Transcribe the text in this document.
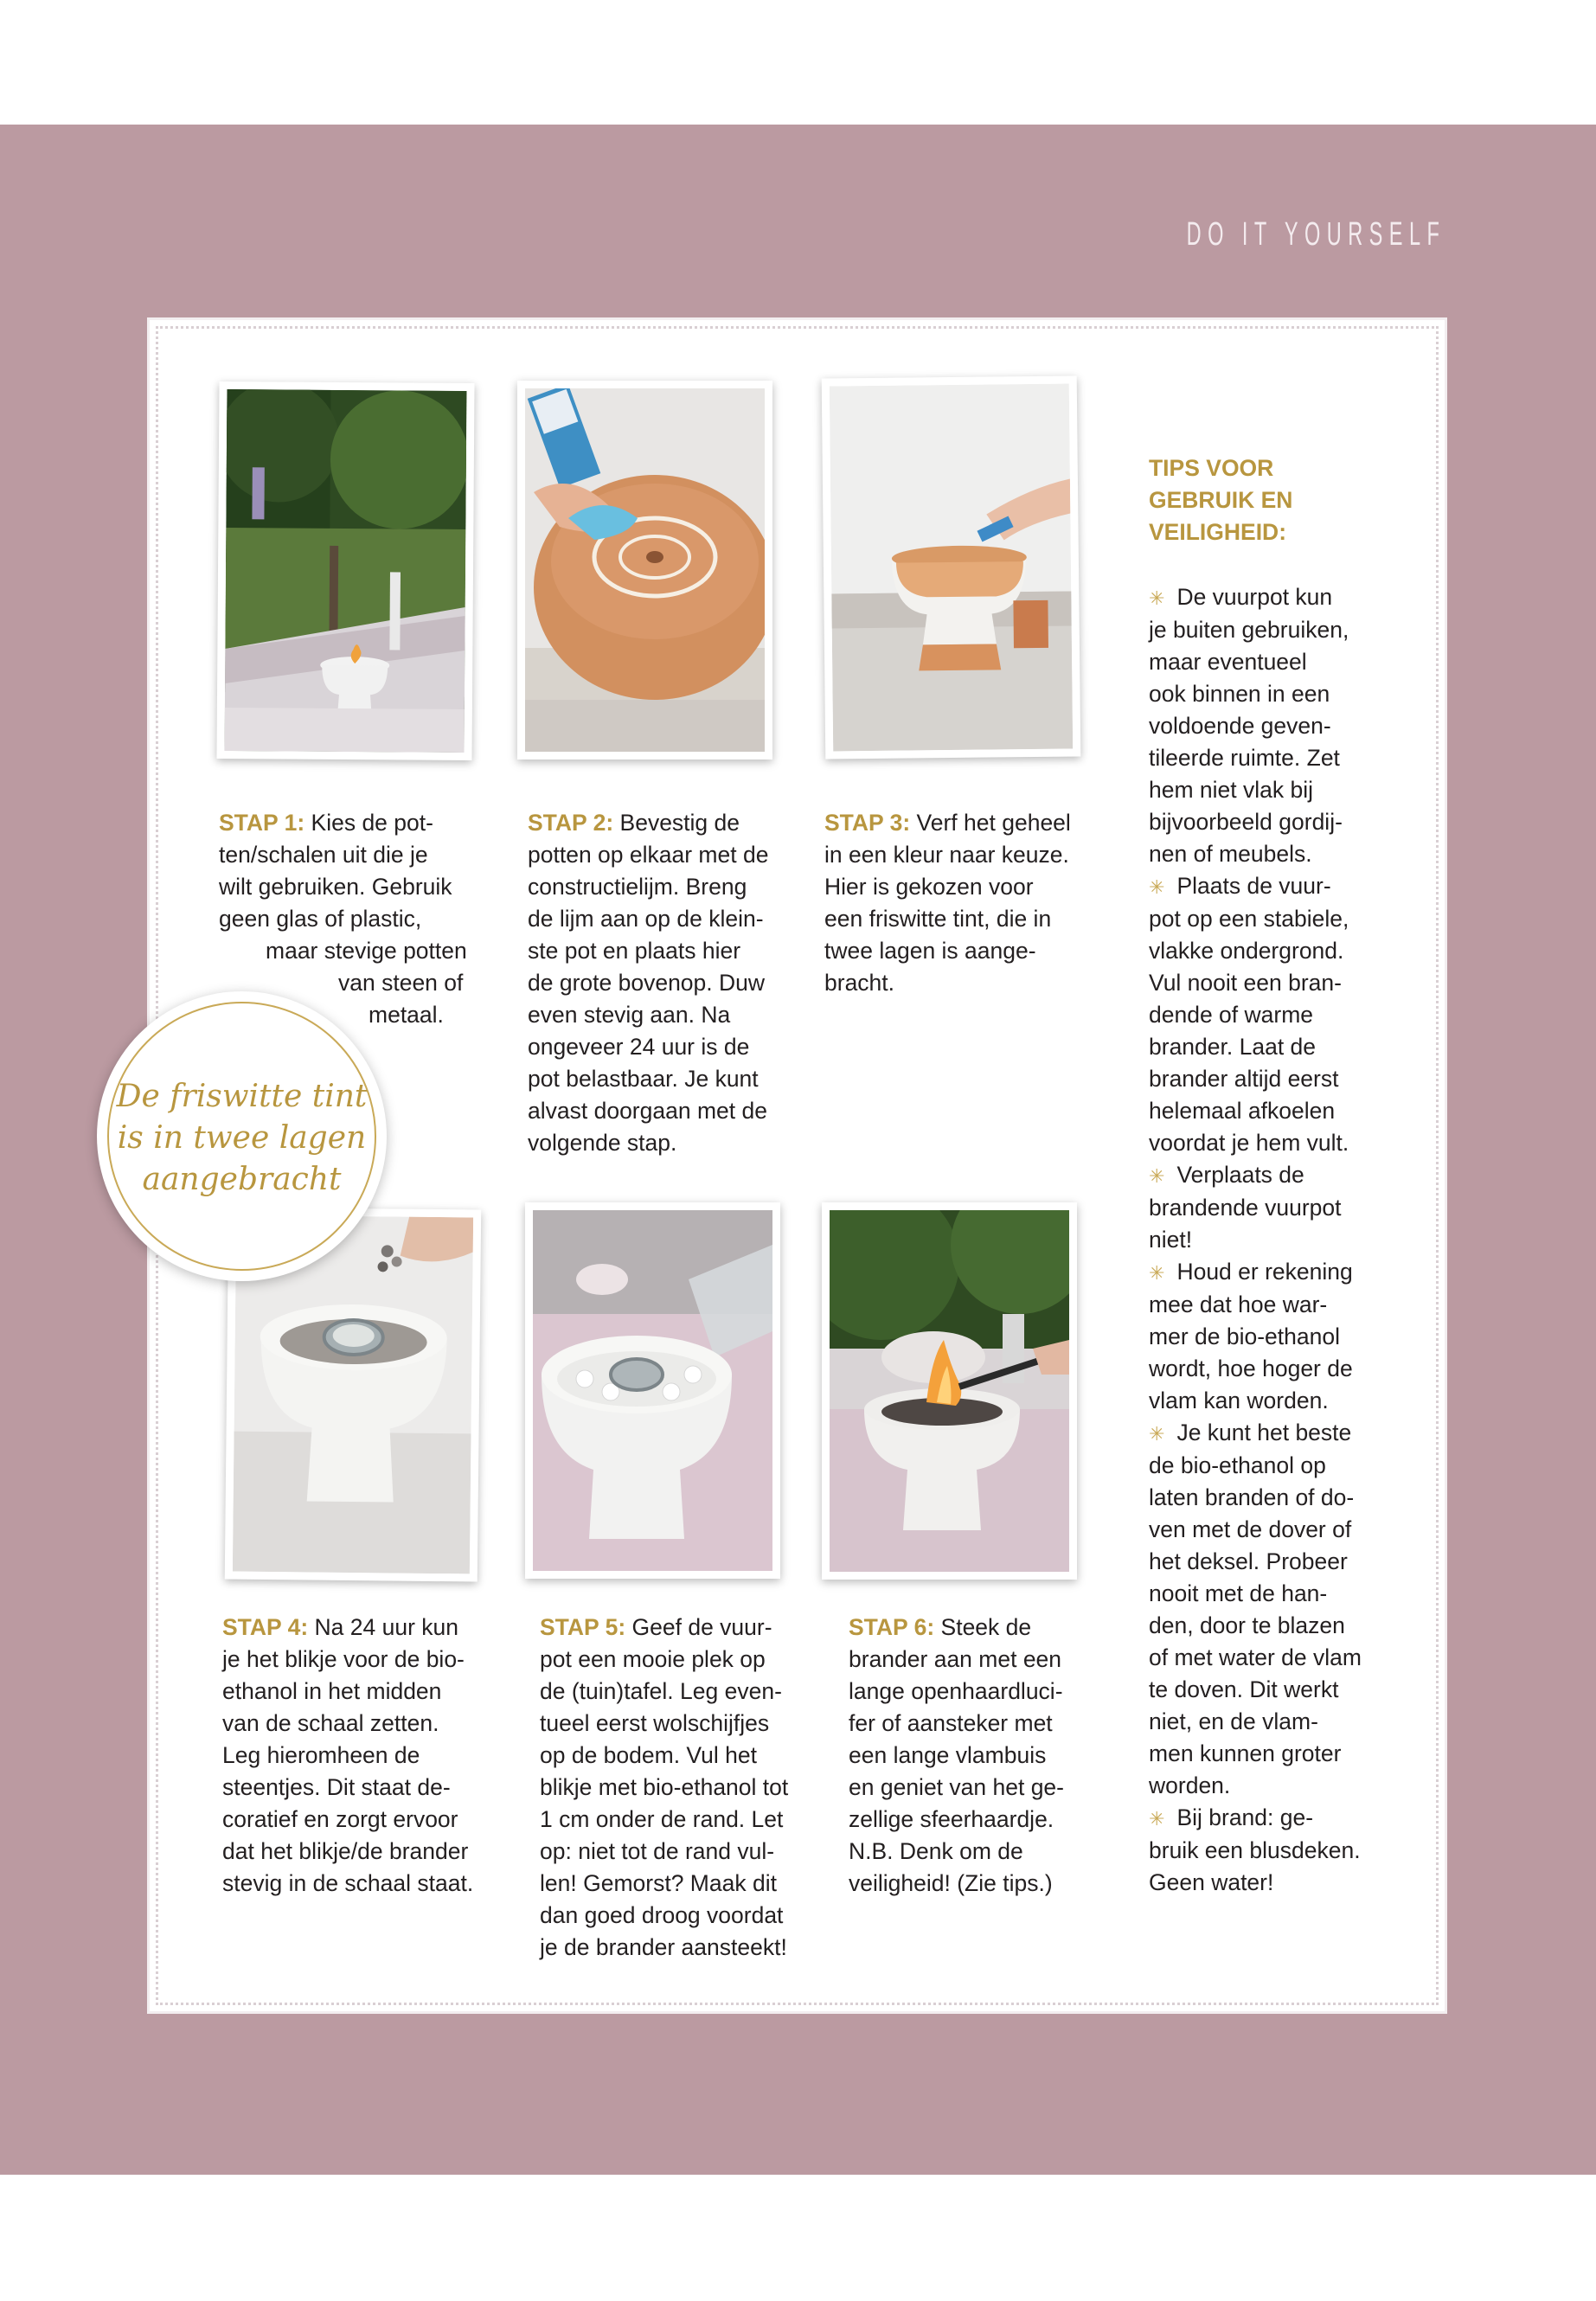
DO IT YOURSELF
De friswitte tint
is in twee lagen
aangebracht
STAP 1: Kies de pot-
ten/schalen uit die je
wilt gebruiken. Gebruik
geen glas of plastic,
maar stevige potten
van steen of
metaal.
STAP 2: Bevestig de
potten op elkaar met de
constructielijm. Breng
de lijm aan op de klein-
ste pot en plaats hier
de grote bovenop. Duw
even stevig aan. Na
ongeveer 24 uur is de
pot belastbaar. Je kunt
alvast doorgaan met de
volgende stap.
STAP 3: Verf het geheel
in een kleur naar keuze.
Hier is gekozen voor
een friswitte tint, die in
twee lagen is aange-
bracht.
STAP 4: Na 24 uur kun
je het blikje voor de bio-
ethanol in het midden
van de schaal zetten.
Leg hieromheen de
steentjes. Dit staat de-
coratief en zorgt ervoor
dat het blikje/de brander
stevig in de schaal staat.
STAP 5: Geef de vuur-
pot een mooie plek op
de (tuin)tafel. Leg even-
tueel eerst wolschijfjes
op de bodem. Vul het
blikje met bio-ethanol tot
1 cm onder de rand. Let
op: niet tot de rand vul-
len! Gemorst? Maak dit
dan goed droog voordat
je de brander aansteekt!
STAP 6: Steek de
brander aan met een
lange openhaardluci-
fer of aansteker met
een lange vlambuis
en geniet van het ge-
zellige sfeerhaardje.
N.B. Denk om de
veiligheid! (Zie tips.)
TIPS VOOR
GEBRUIK EN
VEILIGHEID:
✳ De vuurpot kun
je buiten gebruiken,
maar eventueel
ook binnen in een
voldoende geven-
tileerde ruimte. Zet
hem niet vlak bij
bijvoorbeeld gordij-
nen of meubels.
✳ Plaats de vuur-
pot op een stabiele,
vlakke ondergrond.
Vul nooit een bran-
dende of warme
brander. Laat de
brander altijd eerst
helemaal afkoelen
voordat je hem vult.
✳ Verplaats de
brandende vuurpot
niet!
✳ Houd er rekening
mee dat hoe war-
mer de bio-ethanol
wordt, hoe hoger de
vlam kan worden.
✳ Je kunt het beste
de bio-ethanol op
laten branden of do-
ven met de dover of
het deksel. Probeer
nooit met de han-
den, door te blazen
of met water de vlam
te doven. Dit werkt
niet, en de vlam-
men kunnen groter
worden.
✳ Bij brand: ge-
bruik een blusdeken.
Geen water!
